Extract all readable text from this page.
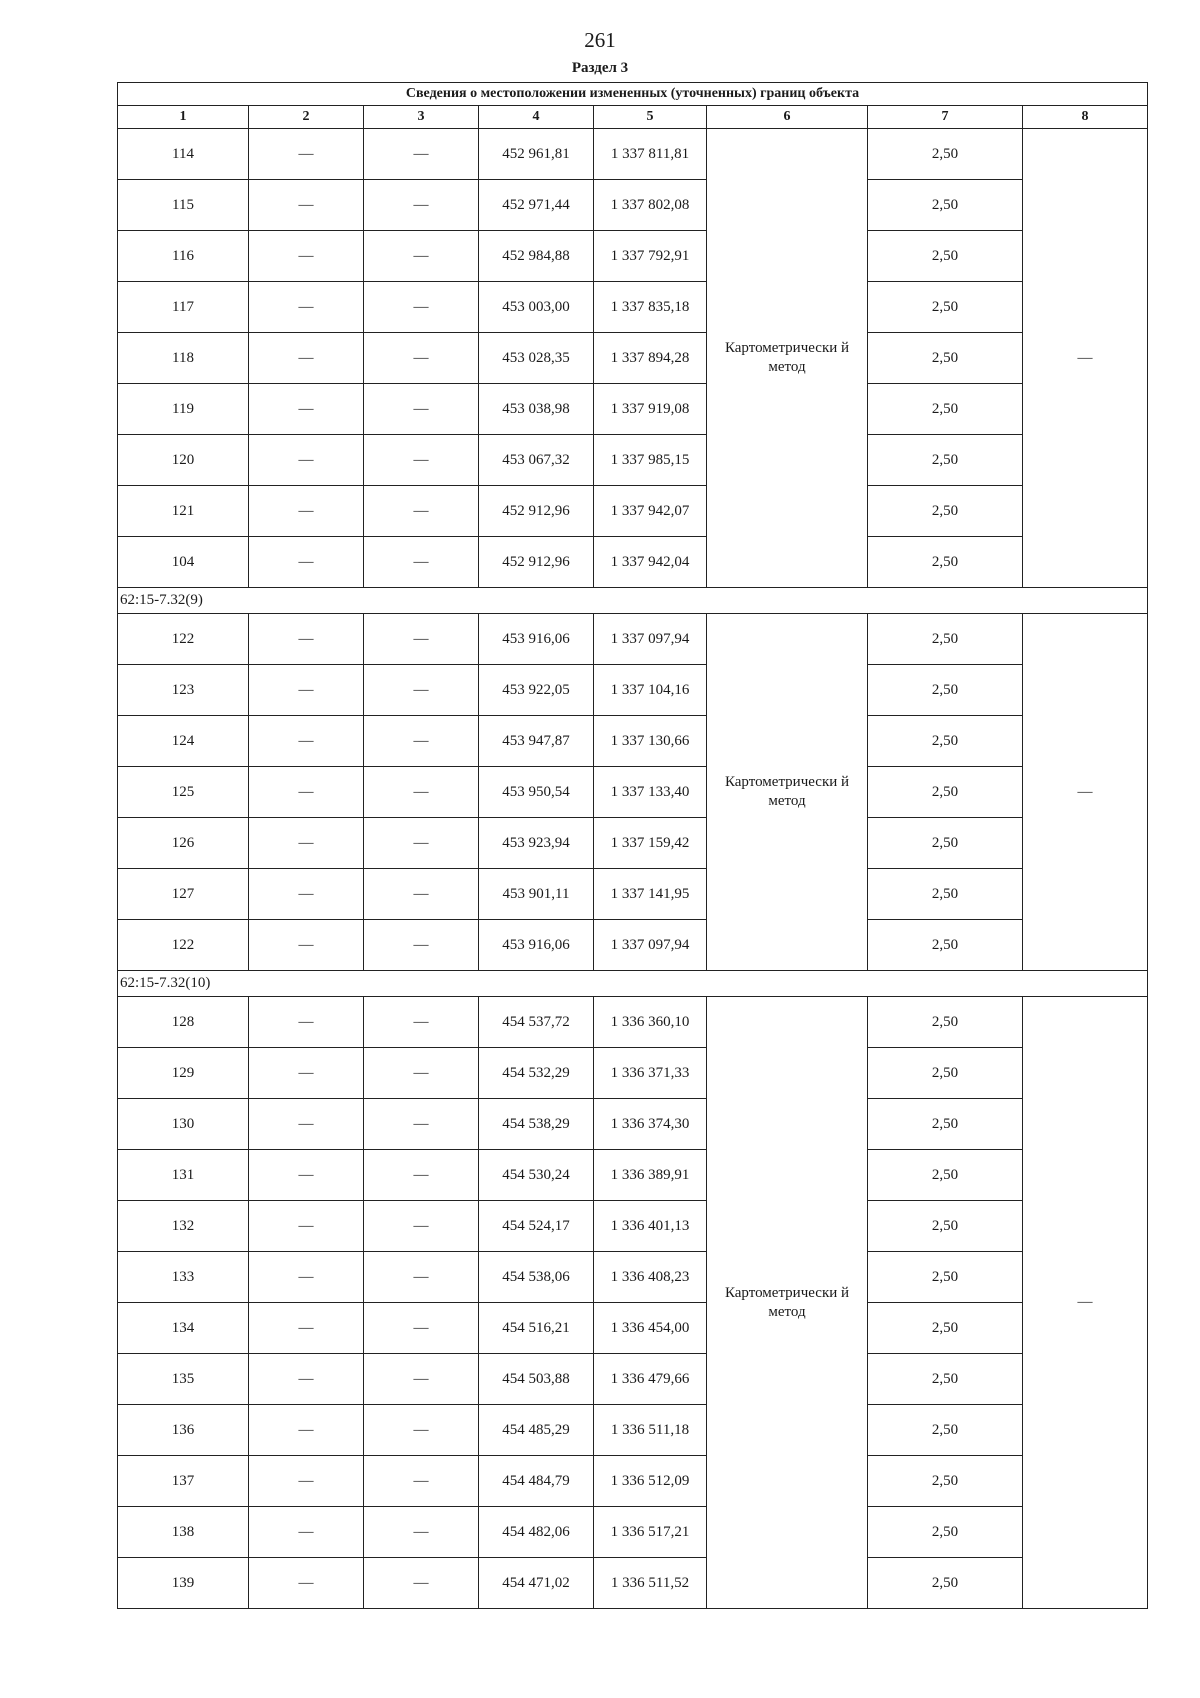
261
Раздел 3
Сведения о местоположении измененных (уточненных) границ объекта							
1	2	3	4	5	6	7	8
114	—	—	452 961,81	1 337 811,81	Картометрически й метод	2,50	—
115	—	—	452 971,44	1 337 802,08		2,50	
116	—	—	452 984,88	1 337 792,91		2,50	
117	—	—	453 003,00	1 337 835,18		2,50	
118	—	—	453 028,35	1 337 894,28		2,50	
119	—	—	453 038,98	1 337 919,08		2,50	
120	—	—	453 067,32	1 337 985,15		2,50	
121	—	—	452 912,96	1 337 942,07		2,50	
104	—	—	452 912,96	1 337 942,04		2,50	
62:15-7.32(9)							
122	—	—	453 916,06	1 337 097,94	Картометрически й метод	2,50	—
123	—	—	453 922,05	1 337 104,16		2,50	
124	—	—	453 947,87	1 337 130,66		2,50	
125	—	—	453 950,54	1 337 133,40		2,50	
126	—	—	453 923,94	1 337 159,42		2,50	
127	—	—	453 901,11	1 337 141,95		2,50	
122	—	—	453 916,06	1 337 097,94		2,50	
62:15-7.32(10)							
128	—	—	454 537,72	1 336 360,10	Картометрически й метод	2,50	—
129	—	—	454 532,29	1 336 371,33		2,50	
130	—	—	454 538,29	1 336 374,30		2,50	
131	—	—	454 530,24	1 336 389,91		2,50	
132	—	—	454 524,17	1 336 401,13		2,50	
133	—	—	454 538,06	1 336 408,23		2,50	
134	—	—	454 516,21	1 336 454,00		2,50	
135	—	—	454 503,88	1 336 479,66		2,50	
136	—	—	454 485,29	1 336 511,18		2,50	
137	—	—	454 484,79	1 336 512,09		2,50	
138	—	—	454 482,06	1 336 517,21		2,50	
139	—	—	454 471,02	1 336 511,52		2,50	
